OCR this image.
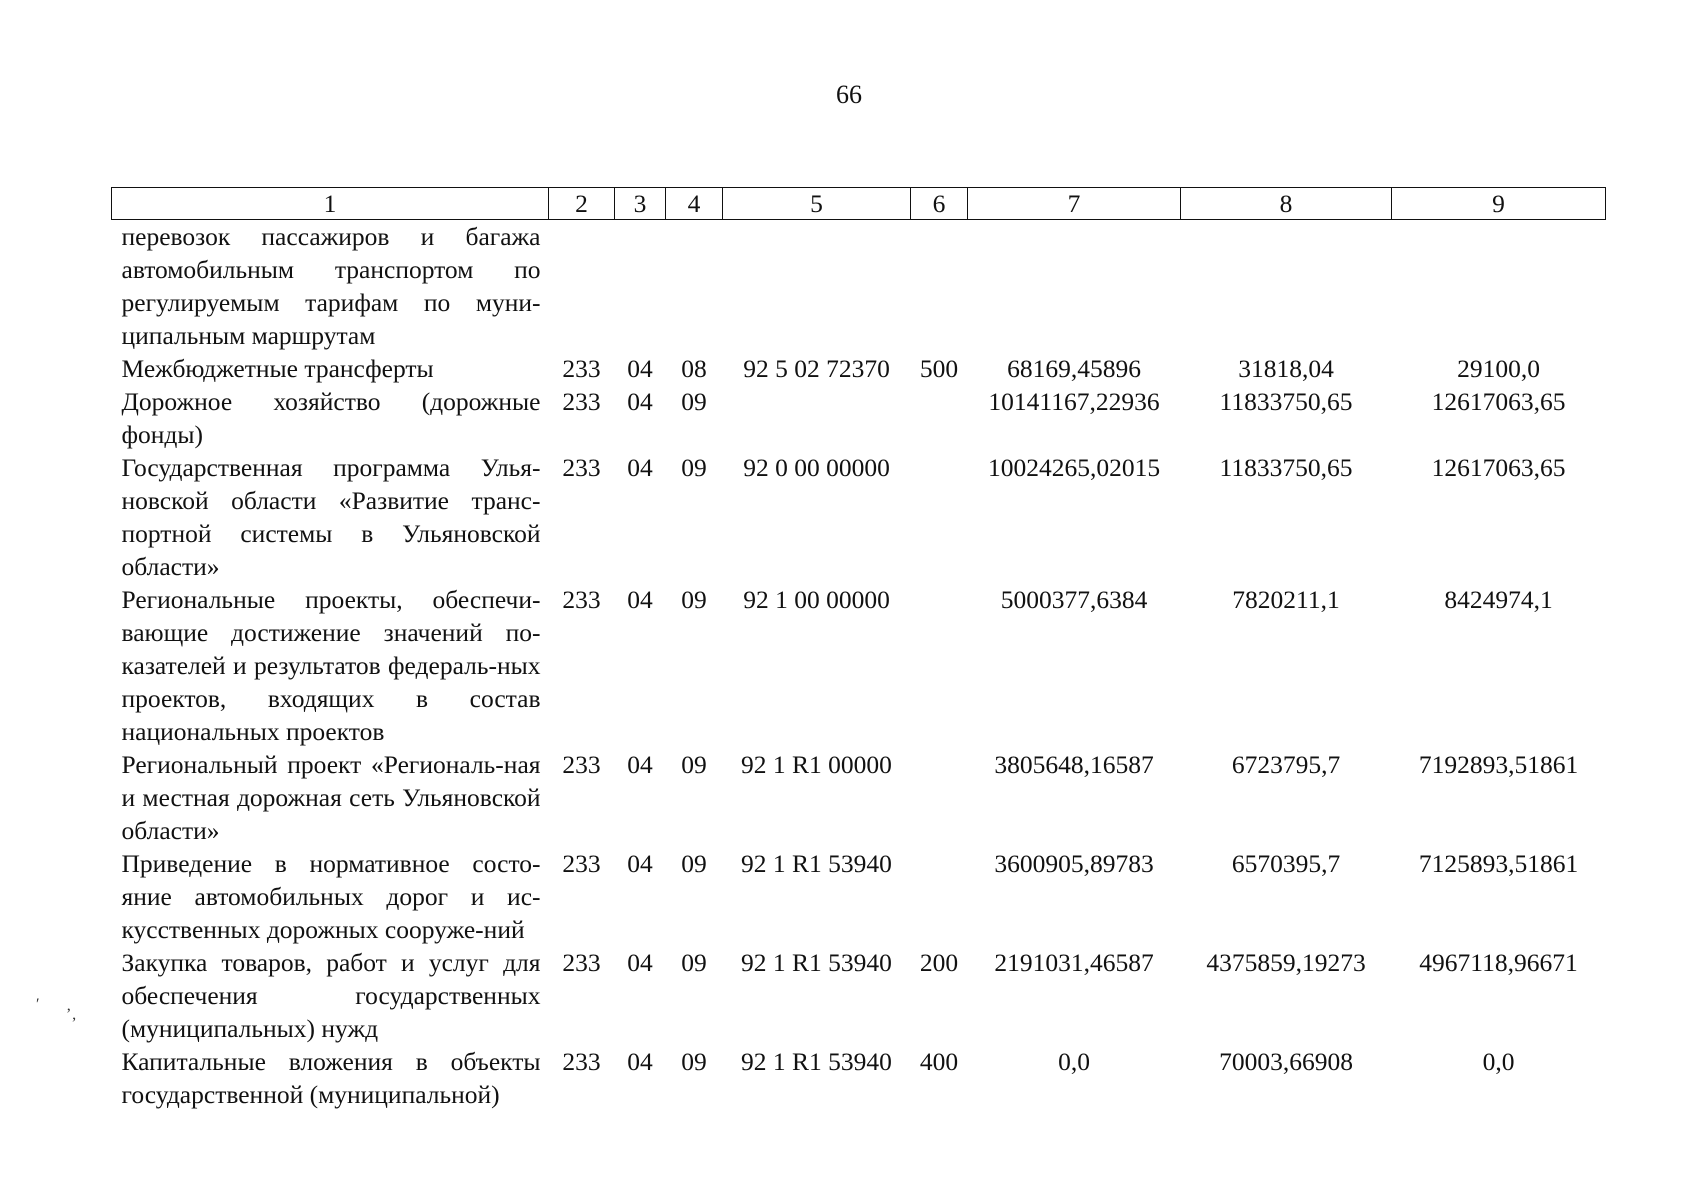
66
1	2	3	4	5	6	7	8	9
перевозок пассажиров и багажа автомобильным транспортом по регулируемым тарифам по муни-ципальным маршрутам								
Межбюджетные трансферты	233	04	08	92 5 02 72370	500	68169,45896	31818,04	29100,0
Дорожное хозяйство (дорожные фонды)	233	04	09			10141167,22936	11833750,65	12617063,65
Государственная программа Улья-новской области «Развитие транс-портной системы в Ульяновской области»	233	04	09	92 0 00 00000		10024265,02015	11833750,65	12617063,65
Региональные проекты, обеспечи-вающие достижение значений по-казателей и результатов федераль-ных проектов, входящих в состав национальных проектов	233	04	09	92 1 00 00000		5000377,6384	7820211,1	8424974,1
Региональный проект «Региональ-ная и местная дорожная сеть Ульяновской области»	233	04	09	92 1 R1 00000		3805648,16587	6723795,7	7192893,51861
Приведение в нормативное состо-яние автомобильных дорог и ис-кусственных дорожных сооруже-ний	233	04	09	92 1 R1 53940		3600905,89783	6570395,7	7125893,51861
Закупка товаров, работ и услуг для обеспечения государственных (муниципальных) нужд	233	04	09	92 1 R1 53940	200	2191031,46587	4375859,19273	4967118,96671
Капитальные вложения в объекты государственной (муниципальной)	233	04	09	92 1 R1 53940	400	0,0	70003,66908	0,0
′
’‚
